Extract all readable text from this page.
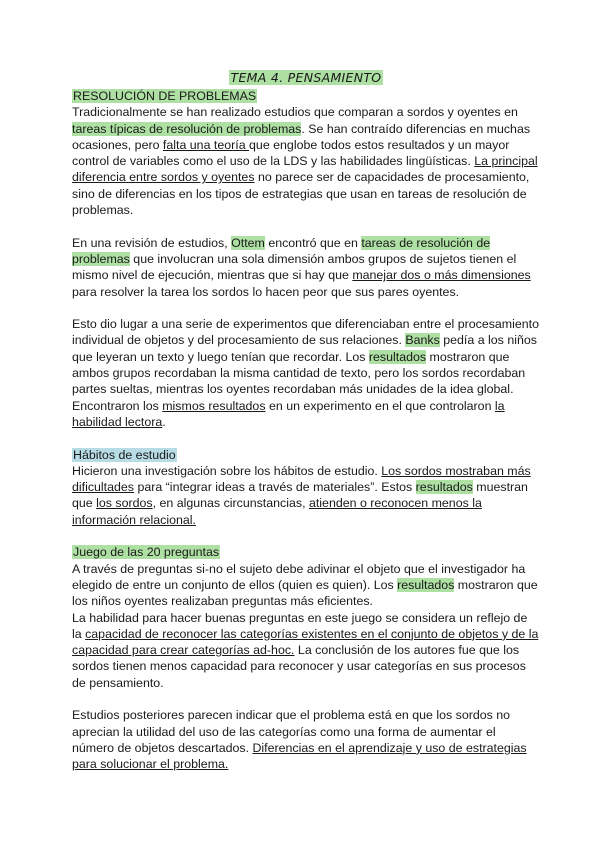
TEMA 4. PENSAMIENTO
RESOLUCIÓN DE PROBLEMAS

Tradicionalmente se han realizado estudios que comparan a sordos y oyentes en tareas típicas de resolución de problemas. Se han contraído diferencias en muchas ocasiones, pero falta una teoría que englobe todos estos resultados y un mayor control de variables como el uso de la LDS y las habilidades lingüísticas. La principal diferencia entre sordos y oyentes no parece ser de capacidades de procesamiento, sino de diferencias en los tipos de estrategias que usan en tareas de resolución de problemas.

En una revisión de estudios, Ottem encontró que en tareas de resolución de problemas que involucran una sola dimensión ambos grupos de sujetos tienen el mismo nivel de ejecución, mientras que si hay que manejar dos o más dimensiones para resolver la tarea los sordos lo hacen peor que sus pares oyentes.

Esto dio lugar a una serie de experimentos que diferenciaban entre el procesamiento individual de objetos y del procesamiento de sus relaciones. Banks pedía a los niños que leyeran un texto y luego tenían que recordar. Los resultados mostraron que ambos grupos recordaban la misma cantidad de texto, pero los sordos recordaban partes sueltas, mientras los oyentes recordaban más unidades de la idea global. Encontraron los mismos resultados en un experimento en el que controlaron la habilidad lectora.

Hábitos de estudio

Hicieron una investigación sobre los hábitos de estudio. Los sordos mostraban más dificultades para “integrar ideas a través de materiales”. Estos resultados muestran que los sordos, en algunas circunstancias, atienden o reconocen menos la información relacional.

Juego de las 20 preguntas

A través de preguntas si-no el sujeto debe adivinar el objeto que el investigador ha elegido de entre un conjunto de ellos (quien es quien). Los resultados mostraron que los niños oyentes realizaban preguntas más eficientes.

La habilidad para hacer buenas preguntas en este juego se considera un reflejo de la capacidad de reconocer las categorías existentes en el conjunto de objetos y de la capacidad para crear categorías ad-hoc. La conclusión de los autores fue que los sordos tienen menos capacidad para reconocer y usar categorías en sus procesos de pensamiento.

Estudios posteriores parecen indicar que el problema está en que los sordos no aprecian la utilidad del uso de las categorías como una forma de aumentar el número de objetos descartados. Diferencias en el aprendizaje y uso de estrategias para solucionar el problema.
